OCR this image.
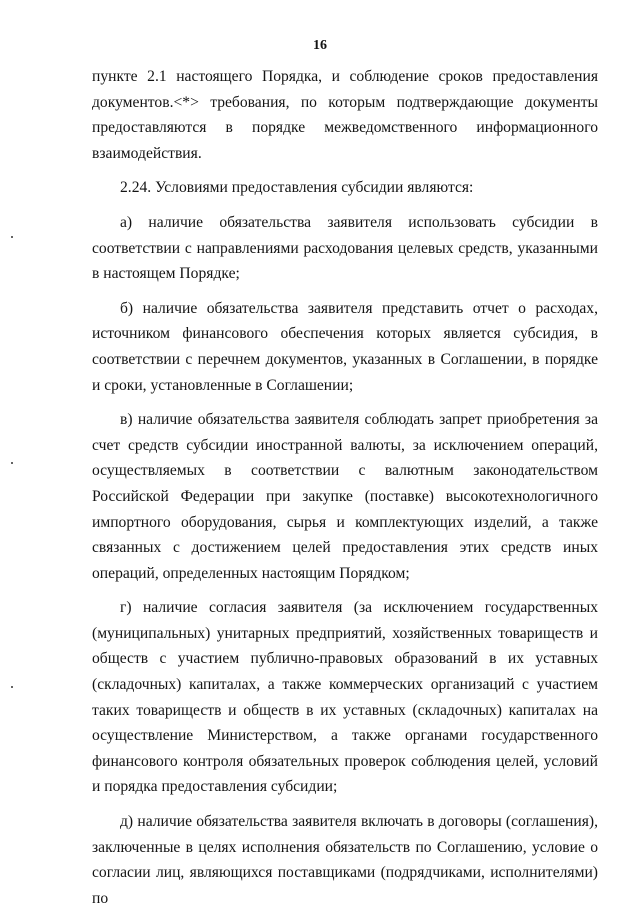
16

пункте 2.1 настоящего Порядка, и соблюдение сроков предоставления документов.<*> требования, по которым подтверждающие документы предоставляются в порядке межведомственного информационного взаимодействия.

2.24. Условиями предоставления субсидии являются:

а) наличие обязательства заявителя использовать субсидии в соответствии с направлениями расходования целевых средств, указанными в настоящем Порядке;

б) наличие обязательства заявителя представить отчет о расходах, источником финансового обеспечения которых является субсидия, в соответствии с перечнем документов, указанных в Соглашении, в порядке и сроки, установленные в Соглашении;

в) наличие обязательства заявителя соблюдать запрет приобретения за счет средств субсидии иностранной валюты, за исключением операций, осуществляемых в соответствии с валютным законодательством Российской Федерации при закупке (поставке) высокотехнологичного импортного оборудования, сырья и комплектующих изделий, а также связанных с достижением целей предоставления этих средств иных операций, определенных настоящим Порядком;

г) наличие согласия заявителя (за исключением государственных (муниципальных) унитарных предприятий, хозяйственных товариществ и обществ с участием публично-правовых образований в их уставных (складочных) капиталах, а также коммерческих организаций с участием таких товариществ и обществ в их уставных (складочных) капиталах на осуществление Министерством, а также органами государственного финансового контроля обязательных проверок соблюдения целей, условий и порядка предоставления субсидии;

д) наличие обязательства заявителя включать в договоры (соглашения), заключенные в целях исполнения обязательств по Соглашению, условие о согласии лиц, являющихся поставщиками (подрядчиками, исполнителями) по
